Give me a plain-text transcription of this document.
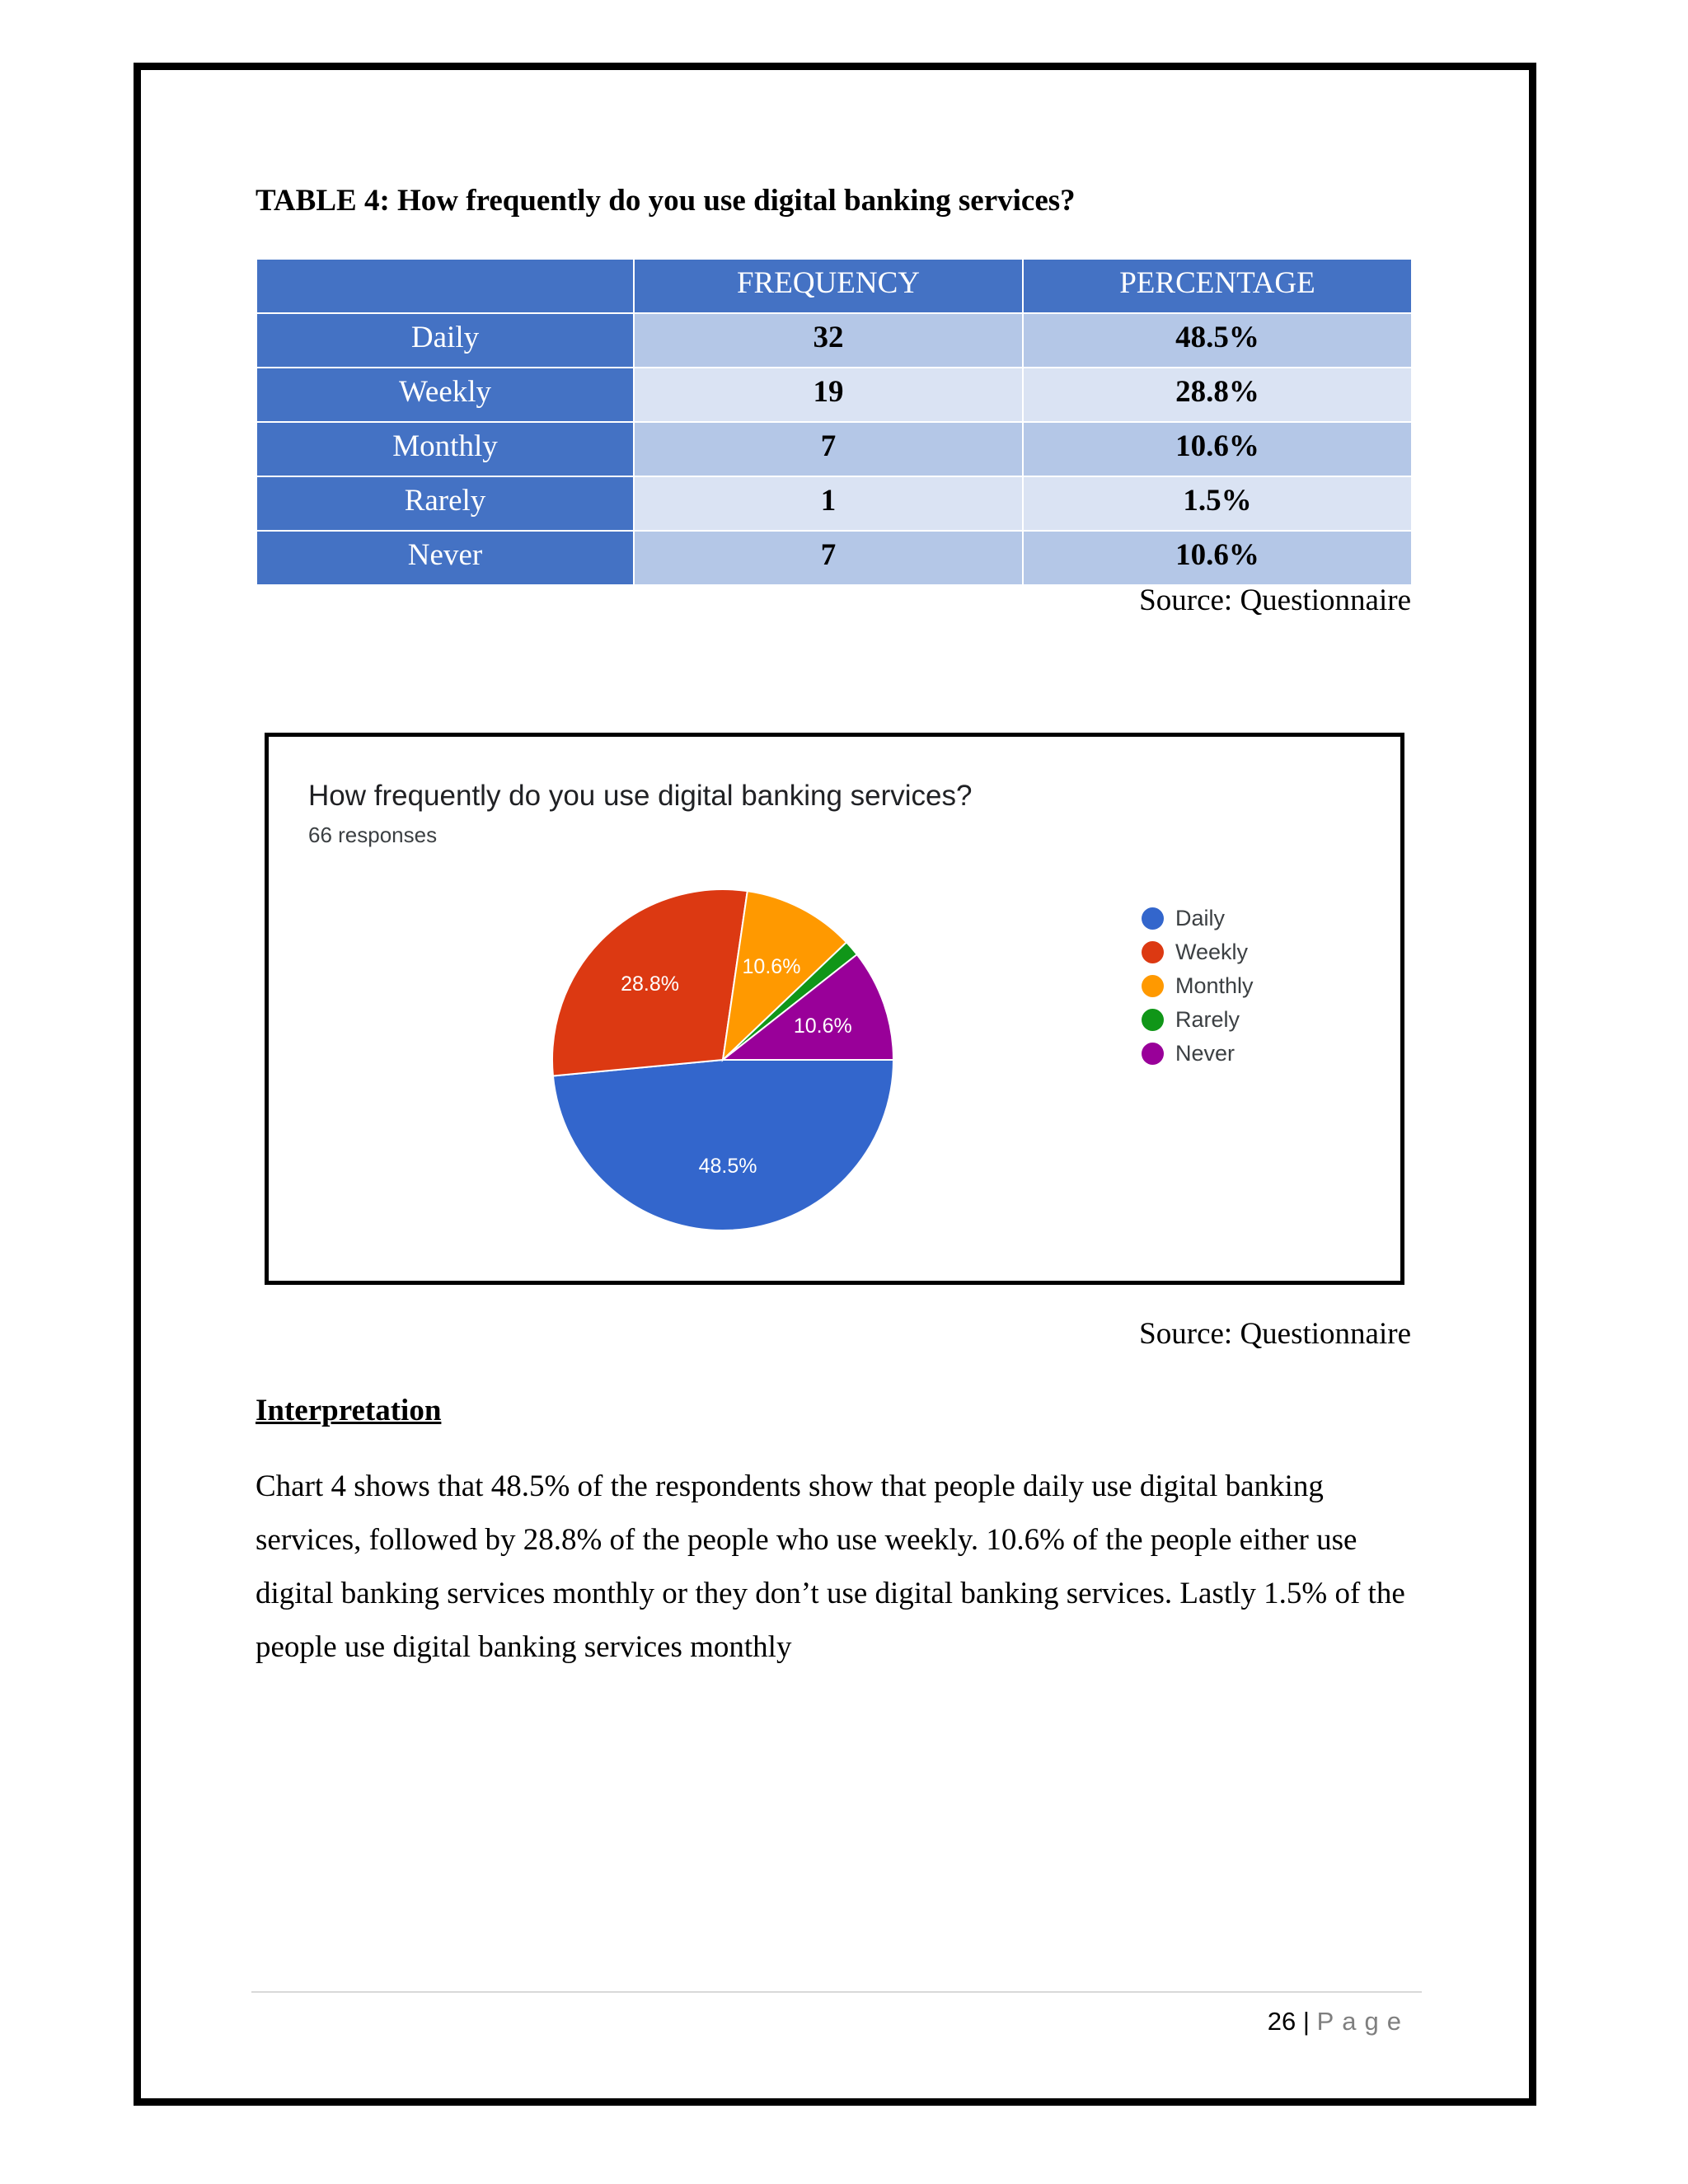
TABLE 4: How frequently do you use digital banking services?
	FREQUENCY	PERCENTAGE
Daily	32	48.5%
Weekly	19	28.8%
Monthly	7	10.6%
Rarely	1	1.5%
Never	7	10.6%
Source: Questionnaire
48.5%
28.8%
10.6%
10.6%
How frequently do you use digital banking services?
66 responses
Daily
Weekly
Monthly
Rarely
Never
Source: Questionnaire
Interpretation
Chart 4 shows that 48.5% of the respondents show that people daily use digital banking services, followed by 28.8% of the people who use weekly. 10.6% of the people either use digital banking services monthly or they don’t use digital banking services. Lastly 1.5% of the people use digital banking services monthly
26 | Page
